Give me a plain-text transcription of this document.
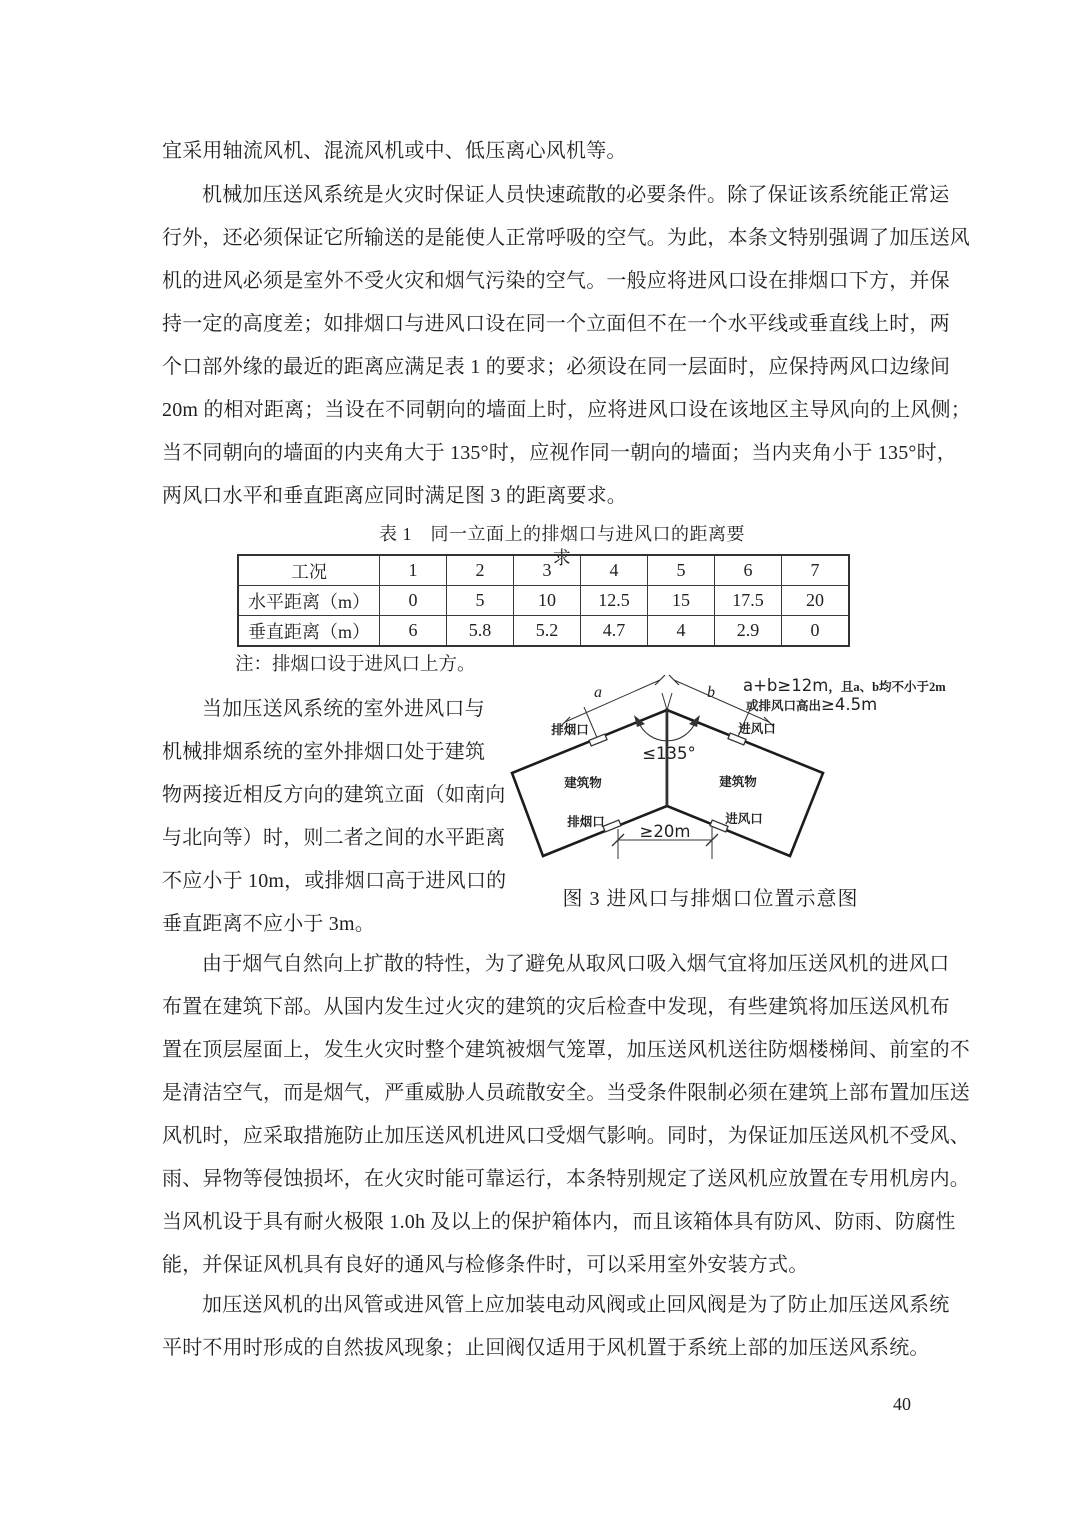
宜采用轴流风机、混流风机或中、低压离心风机等。
机械加压送风系统是火灾时保证人员快速疏散的必要条件。除了保证该系统能正常运
行外，还必须保证它所输送的是能使人正常呼吸的空气。为此，本条文特别强调了加压送风
机的进风必须是室外不受火灾和烟气污染的空气。一般应将进风口设在排烟口下方，并保
持一定的高度差；如排烟口与进风口设在同一个立面但不在一个水平线或垂直线上时，两
个口部外缘的最近的距离应满足表 1 的要求；必须设在同一层面时，应保持两风口边缘间
20m 的相对距离；当设在不同朝向的墙面上时，应将进风口设在该地区主导风向的上风侧；
当不同朝向的墙面的内夹角大于 135°时，应视作同一朝向的墙面；当内夹角小于 135°时，
两风口水平和垂直距离应同时满足图 3 的距离要求。
表 1　同一立面上的排烟口与进风口的距离要求
工况	1	2	3	4	5	6	7
水平距离（m）	0	5	10	12.5	15	17.5	20
垂直距离（m）	6	5.8	5.2	4.7	4	2.9	0
注：排烟口设于进风口上方。
当加压送风系统的室外进风口与
机械排烟系统的室外排烟口处于建筑
物两接近相反方向的建筑立面（如南向
与北向等）时，则二者之间的水平距离
不应小于 10m，或排烟口高于进风口的
垂直距离不应小于 3m。
a	b
排烟口	进风口
建筑物	建筑物
排烟口	进风口
≤135°
≥20m
a+b≥12m，且a、b均不小于2m
或排风口高出≥4.5m
图 3 进风口与排烟口位置示意图
由于烟气自然向上扩散的特性，为了避免从取风口吸入烟气宜将加压送风机的进风口
布置在建筑下部。从国内发生过火灾的建筑的灾后检查中发现，有些建筑将加压送风机布
置在顶层屋面上，发生火灾时整个建筑被烟气笼罩，加压送风机送往防烟楼梯间、前室的不
是清洁空气，而是烟气，严重威胁人员疏散安全。当受条件限制必须在建筑上部布置加压送
风机时，应采取措施防止加压送风机进风口受烟气影响。同时，为保证加压送风机不受风、
雨、异物等侵蚀损坏，在火灾时能可靠运行，本条特别规定了送风机应放置在专用机房内。
当风机设于具有耐火极限 1.0h 及以上的保护箱体内，而且该箱体具有防风、防雨、防腐性
能，并保证风机具有良好的通风与检修条件时，可以采用室外安装方式。
加压送风机的出风管或进风管上应加装电动风阀或止回风阀是为了防止加压送风系统
平时不用时形成的自然拔风现象；止回阀仅适用于风机置于系统上部的加压送风系统。
40
